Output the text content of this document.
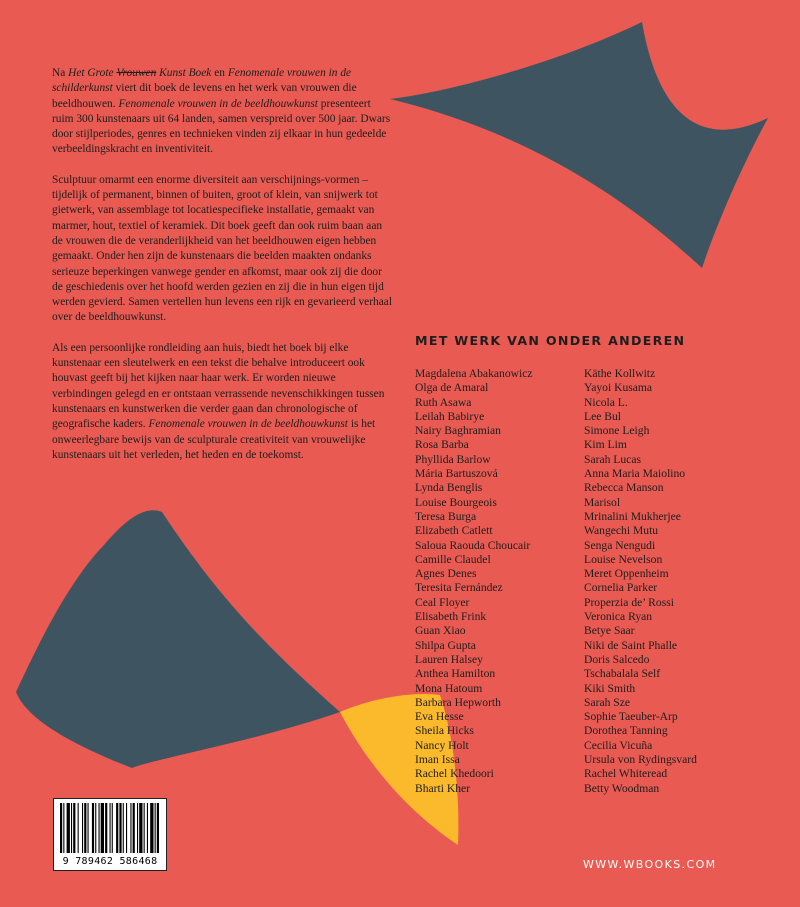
Na Het Grote Vrouwen Kunst Boek en Fenomenale vrouwen in de schilderkunst viert dit boek de levens en het werk van vrouwen die beeldhouwen. Fenomenale vrouwen in de beeldhouwkunst presenteert ruim 300 kunstenaars uit 64 landen, samen verspreid over 500 jaar. Dwars door stijlperiodes, genres en technieken vinden zij elkaar in hun gedeelde verbeeldingskracht en inventiviteit.

Sculptuur omarmt een enorme diversiteit aan verschijnings-vormen – tijdelijk of permanent, binnen of buiten, groot of klein, van snijwerk tot gietwerk, van assemblage tot locatiespecifieke installatie, gemaakt van marmer, hout, textiel of keramiek. Dit boek geeft dan ook ruim baan aan de vrouwen die de veranderlijkheid van het beeldhouwen eigen hebben gemaakt. Onder hen zijn de kunstenaars die beelden maakten ondanks serieuze beperkingen vanwege gender en afkomst, maar ook zij die door de geschiedenis over het hoofd werden gezien en zij die in hun eigen tijd werden gevierd. Samen vertellen hun levens een rijk en gevarieerd verhaal over de beeldhouwkunst.

Als een persoonlijke rondleiding aan huis, biedt het boek bij elke kunstenaar een sleutelwerk en een tekst die behalve introduceert ook houvast geeft bij het kijken naar haar werk. Er worden nieuwe verbindingen gelegd en er ontstaan verrassende nevenschikkingen tussen kunstenaars en kunstwerken die verder gaan dan chronologische of geografische kaders. Fenomenale vrouwen in de beeldhouwkunst is het onweerlegbare bewijs van de sculpturale creativiteit van vrouwelijke kunstenaars uit het verleden, het heden en de toekomst.

MET WERK VAN ONDER ANDEREN
Magdalena Abakanowicz
Olga de Amaral
Ruth Asawa
Leilah Babirye
Nairy Baghramian
Rosa Barba
Phyllida Barlow
Mária Bartuszová
Lynda Benglis
Louise Bourgeois
Teresa Burga
Elizabeth Catlett
Saloua Raouda Choucair
Camille Claudel
Agnes Denes
Teresita Fernández
Ceal Floyer
Elisabeth Frink
Guan Xiao
Shilpa Gupta
Lauren Halsey
Anthea Hamilton
Mona Hatoum
Barbara Hepworth
Eva Hesse
Sheila Hicks
Nancy Holt
Iman Issa
Rachel Khedoori
Bharti Kher
Käthe Kollwitz
Yayoi Kusama
Nicola L.
Lee Bul
Simone Leigh
Kim Lim
Sarah Lucas
Anna Maria Maiolino
Rebecca Manson
Marisol
Mrinalini Mukherjee
Wangechi Mutu
Senga Nengudi
Louise Nevelson
Meret Oppenheim
Cornelia Parker
Properzia de’ Rossi
Veronica Ryan
Betye Saar
Niki de Saint Phalle
Doris Salcedo
Tschabalala Self
Kiki Smith
Sarah Sze
Sophie Taeuber-Arp
Dorothea Tanning
Cecilia Vicuña
Ursula von Rydingsvard
Rachel Whiteread
Betty Woodman
9 789462 586468	WWW.WBOOKS.COM
